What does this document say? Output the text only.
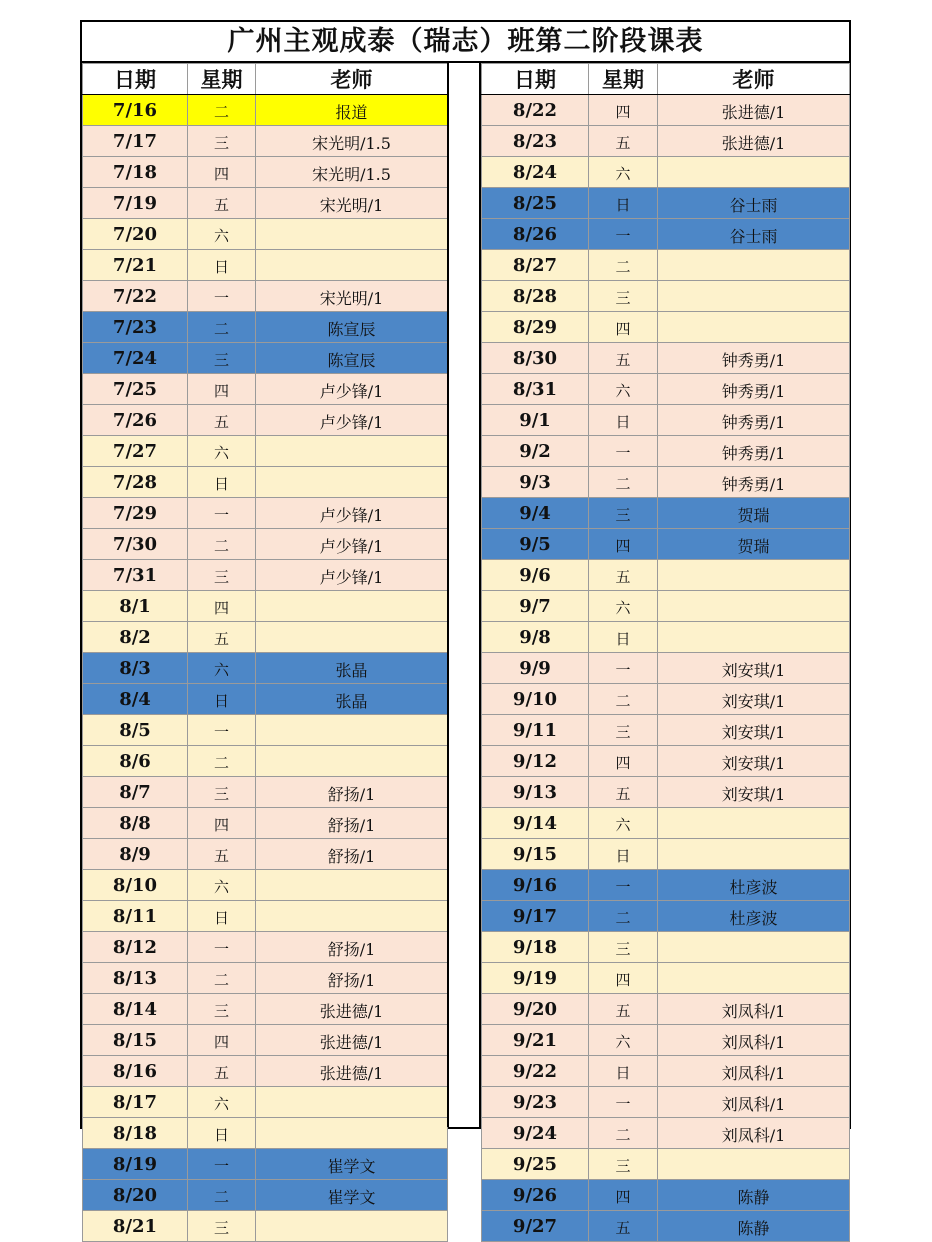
广州主观成泰（瑞志）班第二阶段课表
日期	星期	老师
7/16	二	报道
7/17	三	宋光明/1.5
7/18	四	宋光明/1.5
7/19	五	宋光明/1
7/20	六	
7/21	日	
7/22	一	宋光明/1
7/23	二	陈宣辰
7/24	三	陈宣辰
7/25	四	卢少锋/1
7/26	五	卢少锋/1
7/27	六	
7/28	日	
7/29	一	卢少锋/1
7/30	二	卢少锋/1
7/31	三	卢少锋/1
8/1	四	
8/2	五	
8/3	六	张晶
8/4	日	张晶
8/5	一	
8/6	二	
8/7	三	舒扬/1
8/8	四	舒扬/1
8/9	五	舒扬/1
8/10	六	
8/11	日	
8/12	一	舒扬/1
8/13	二	舒扬/1
8/14	三	张进德/1
8/15	四	张进德/1
8/16	五	张进德/1
8/17	六	
8/18	日	
8/19	一	崔学文
8/20	二	崔学文
8/21	三	
日期	星期	老师
8/22	四	张进德/1
8/23	五	张进德/1
8/24	六	
8/25	日	谷士雨
8/26	一	谷士雨
8/27	二	
8/28	三	
8/29	四	
8/30	五	钟秀勇/1
8/31	六	钟秀勇/1
9/1	日	钟秀勇/1
9/2	一	钟秀勇/1
9/3	二	钟秀勇/1
9/4	三	贺瑞
9/5	四	贺瑞
9/6	五	
9/7	六	
9/8	日	
9/9	一	刘安琪/1
9/10	二	刘安琪/1
9/11	三	刘安琪/1
9/12	四	刘安琪/1
9/13	五	刘安琪/1
9/14	六	
9/15	日	
9/16	一	杜彦波
9/17	二	杜彦波
9/18	三	
9/19	四	
9/20	五	刘凤科/1
9/21	六	刘凤科/1
9/22	日	刘凤科/1
9/23	一	刘凤科/1
9/24	二	刘凤科/1
9/25	三	
9/26	四	陈静
9/27	五	陈静
